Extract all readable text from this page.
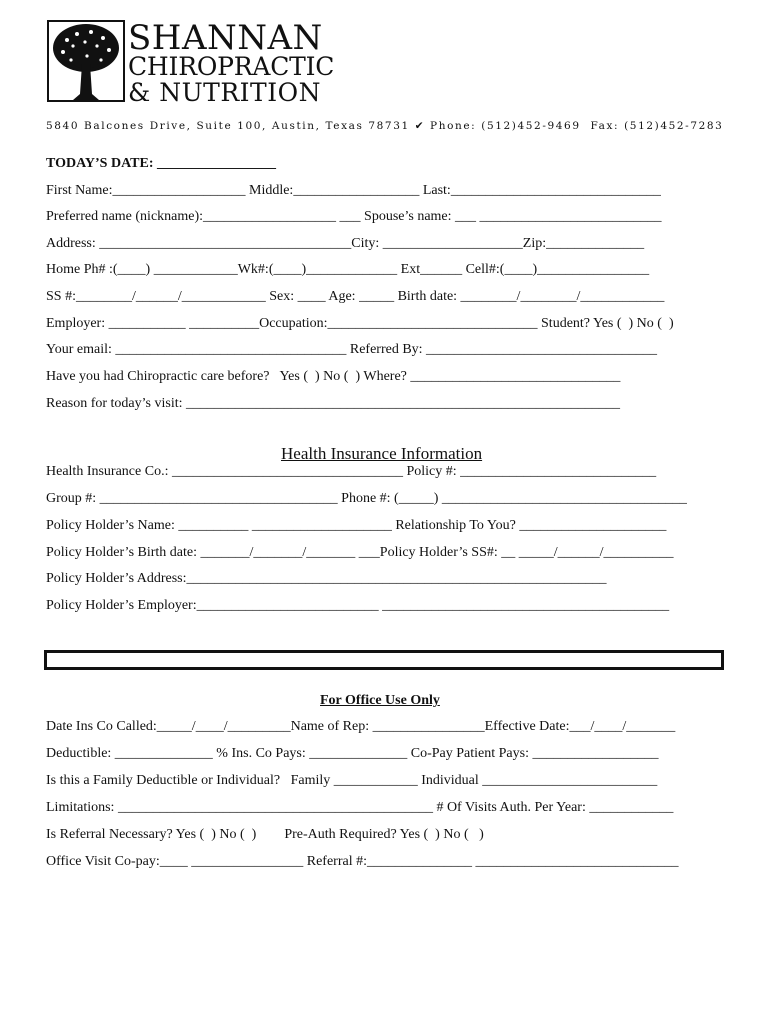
SHANNAN
CHIROPRACTIC
& NUTRITION
5840 Balcones Drive, Suite 100, Austin, Texas 78731 ✔ Phone: (512)452-9469  Fax: (512)452-7283
TODAY’S DATE: _________________
First Name:___________________ Middle:__________________ Last:______________________________
Preferred name (nickname):___________________ ___ Spouse’s name: ___ __________________________
Address: ____________________________________City: ____________________Zip:______________
Home Ph# :(____) ____________Wk#:(____)_____________ Ext______ Cell#:(____)________________
SS #:________/______/____________ Sex: ____ Age: _____ Birth date: ________/________/____________
Employer: ___________ __________Occupation:______________________________ Student? Yes (  ) No (  )
Your email: _________________________________ Referred By: _________________________________
Have you had Chiropractic care before?   Yes (  ) No (  ) Where? ______________________________
Reason for today’s visit: ______________________________________________________________
Health Insurance Information
Health Insurance Co.: _________________________________ Policy #: ____________________________
Group #: __________________________________ Phone #: (_____) ___________________________________
Policy Holder’s Name: __________ ____________________ Relationship To You? _____________________
Policy Holder’s Birth date: _______/_______/_______ ___Policy Holder’s SS#: __ _____/______/__________
Policy Holder’s Address:____________________________________________________________
Policy Holder’s Employer:__________________________ _________________________________________
For Office Use Only
Date Ins Co Called:_____/____/_________Name of Rep: ________________Effective Date:___/____/_______
Deductible: ______________ % Ins. Co Pays: ______________ Co-Pay Patient Pays: __________________
Is this a Family Deductible or Individual?   Family ____________ Individual _________________________
Limitations: _____________________________________________ # Of Visits Auth. Per Year: ____________
Is Referral Necessary? Yes (  ) No (  )        Pre-Auth Required? Yes (  ) No (   )
Office Visit Co-pay:____ ________________ Referral #:_______________ _____________________________
